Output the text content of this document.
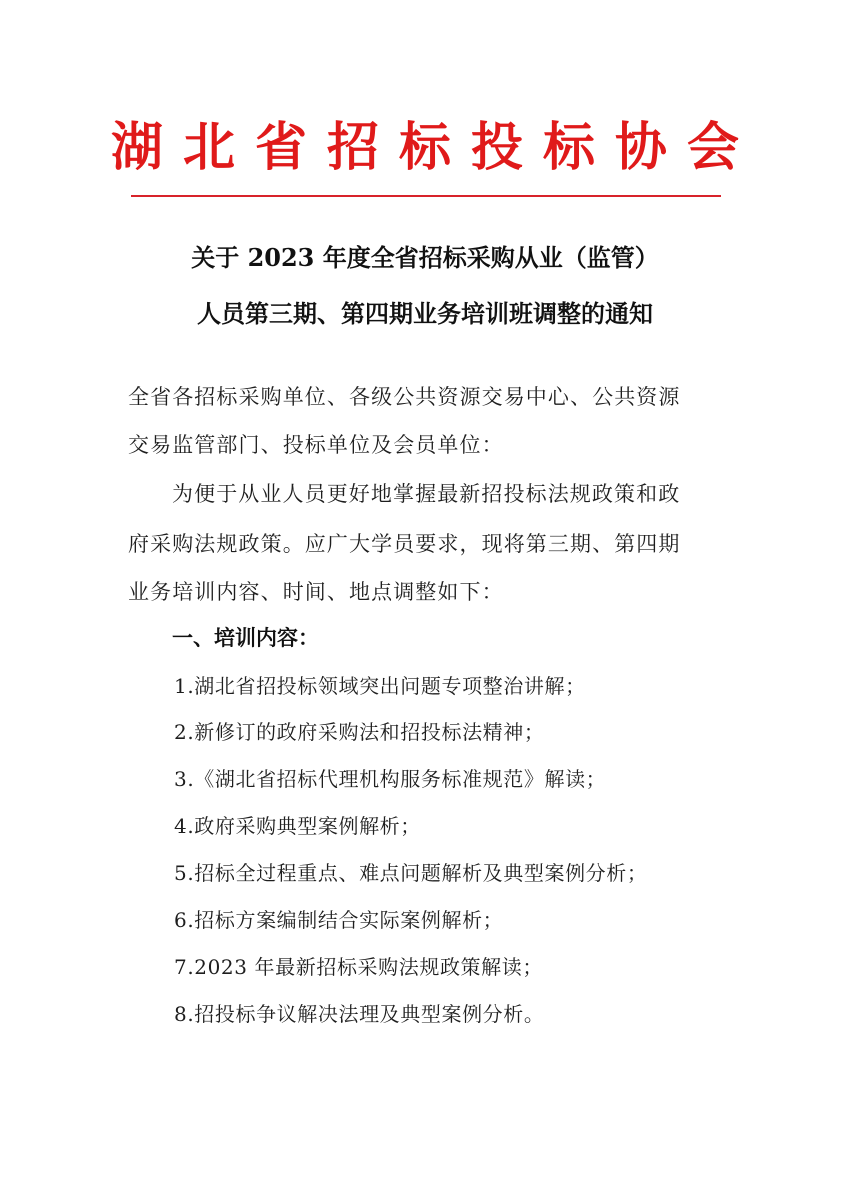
湖北省招标投标协会
关于 2023 年度全省招标采购从业（监管）
人员第三期、第四期业务培训班调整的通知
全省各招标采购单位、各级公共资源交易中心、公共资源
交易监管部门、投标单位及会员单位：
为便于从业人员更好地掌握最新招投标法规政策和政
府采购法规政策。应广大学员要求，现将第三期、第四期
业务培训内容、时间、地点调整如下：
一、培训内容：
1.湖北省招投标领域突出问题专项整治讲解；
2.新修订的政府采购法和招投标法精神；
3.《湖北省招标代理机构服务标准规范》解读；
4.政府采购典型案例解析；
5.招标全过程重点、难点问题解析及典型案例分析；
6.招标方案编制结合实际案例解析；
7.2023 年最新招标采购法规政策解读；
8.招投标争议解决法理及典型案例分析。
